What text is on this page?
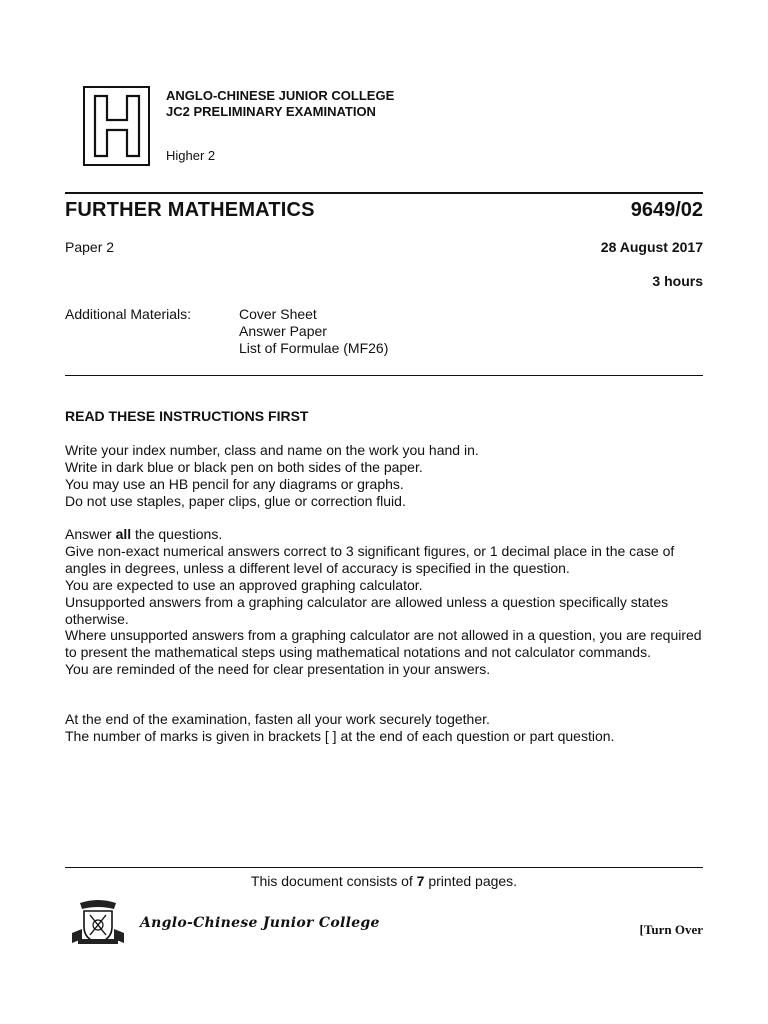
ANGLO-CHINESE JUNIOR COLLEGE
JC2 PRELIMINARY EXAMINATION
Higher 2
FURTHER MATHEMATICS	9649/02
Paper 2	28 August 2017
3 hours
Additional Materials:	Cover Sheet
Answer Paper
List of Formulae (MF26)
READ THESE INSTRUCTIONS FIRST
Write your index number, class and name on the work you hand in.
Write in dark blue or black pen on both sides of the paper.
You may use an HB pencil for any diagrams or graphs.
Do not use staples, paper clips, glue or correction fluid.
Answer all the questions.
Give non-exact numerical answers correct to 3 significant figures, or 1 decimal place in the case of angles in degrees, unless a different level of accuracy is specified in the question.
You are expected to use an approved graphing calculator.
Unsupported answers from a graphing calculator are allowed unless a question specifically states otherwise.
Where unsupported answers from a graphing calculator are not allowed in a question, you are required to present the mathematical steps using mathematical notations and not calculator commands.
You are reminded of the need for clear presentation in your answers.
At the end of the examination, fasten all your work securely together.
The number of marks is given in brackets [ ] at the end of each question or part question.
This document consists of 7 printed pages.
Anglo-Chinese Junior College	[Turn Over
